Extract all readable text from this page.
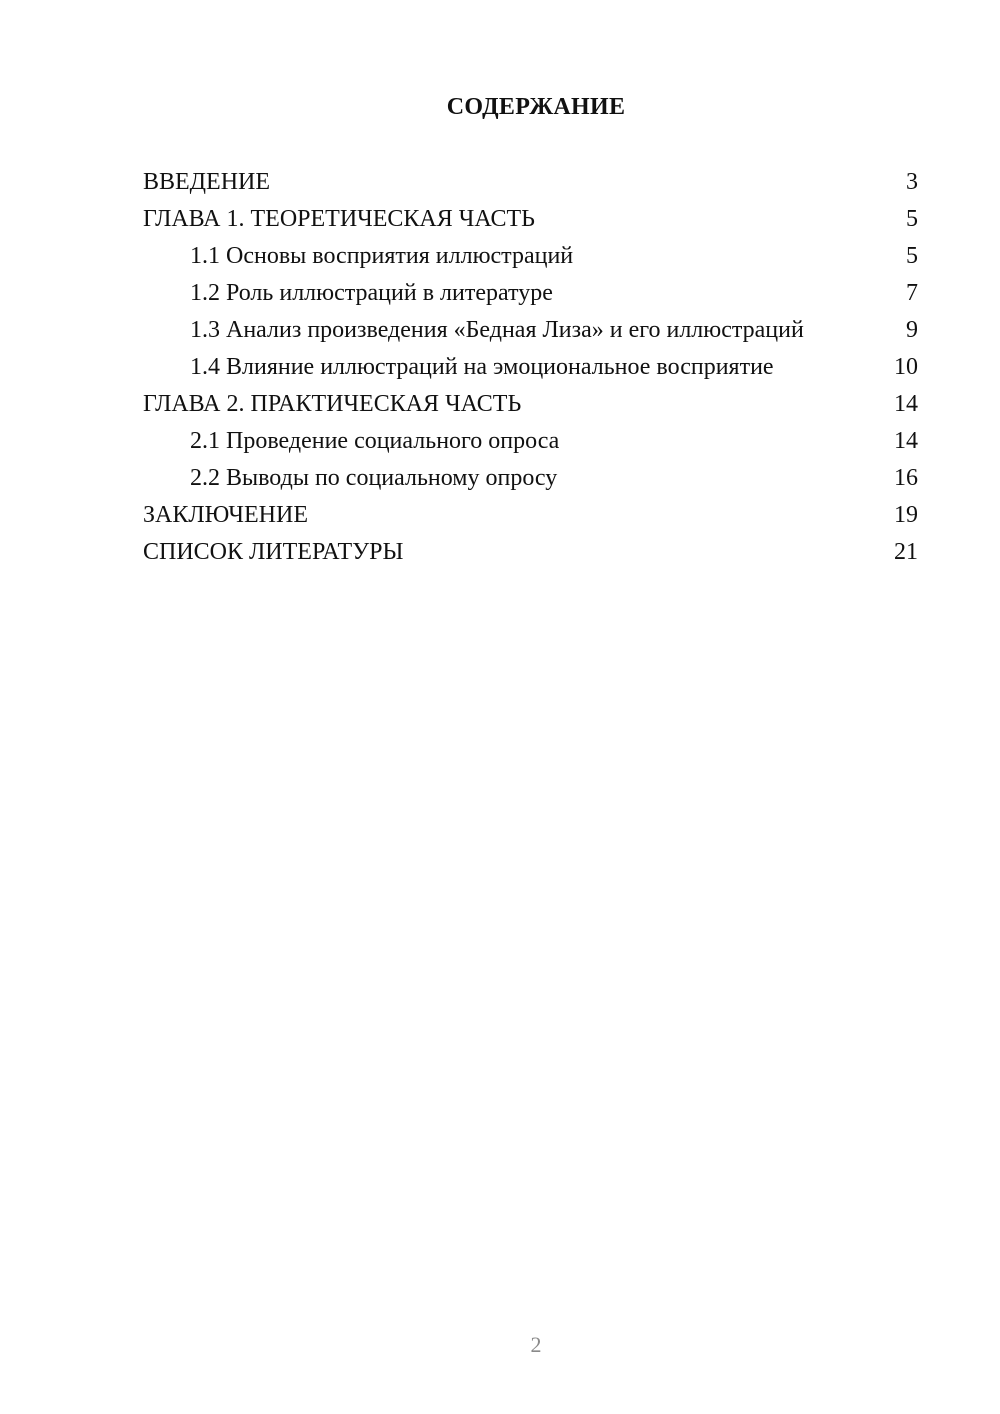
СОДЕРЖАНИЕ
ВВЕДЕНИЕ	3
ГЛАВА 1. ТЕОРЕТИЧЕСКАЯ ЧАСТЬ	5
1.1 Основы восприятия иллюстраций	5
1.2 Роль иллюстраций в литературе	7
1.3 Анализ произведения «Бедная Лиза» и его иллюстраций	9
1.4 Влияние иллюстраций на эмоциональное восприятие	10
ГЛАВА 2. ПРАКТИЧЕСКАЯ ЧАСТЬ	14
2.1 Проведение социального опроса	14
2.2 Выводы по социальному опросу	16
ЗАКЛЮЧЕНИЕ	19
СПИСОК ЛИТЕРАТУРЫ	21
2
